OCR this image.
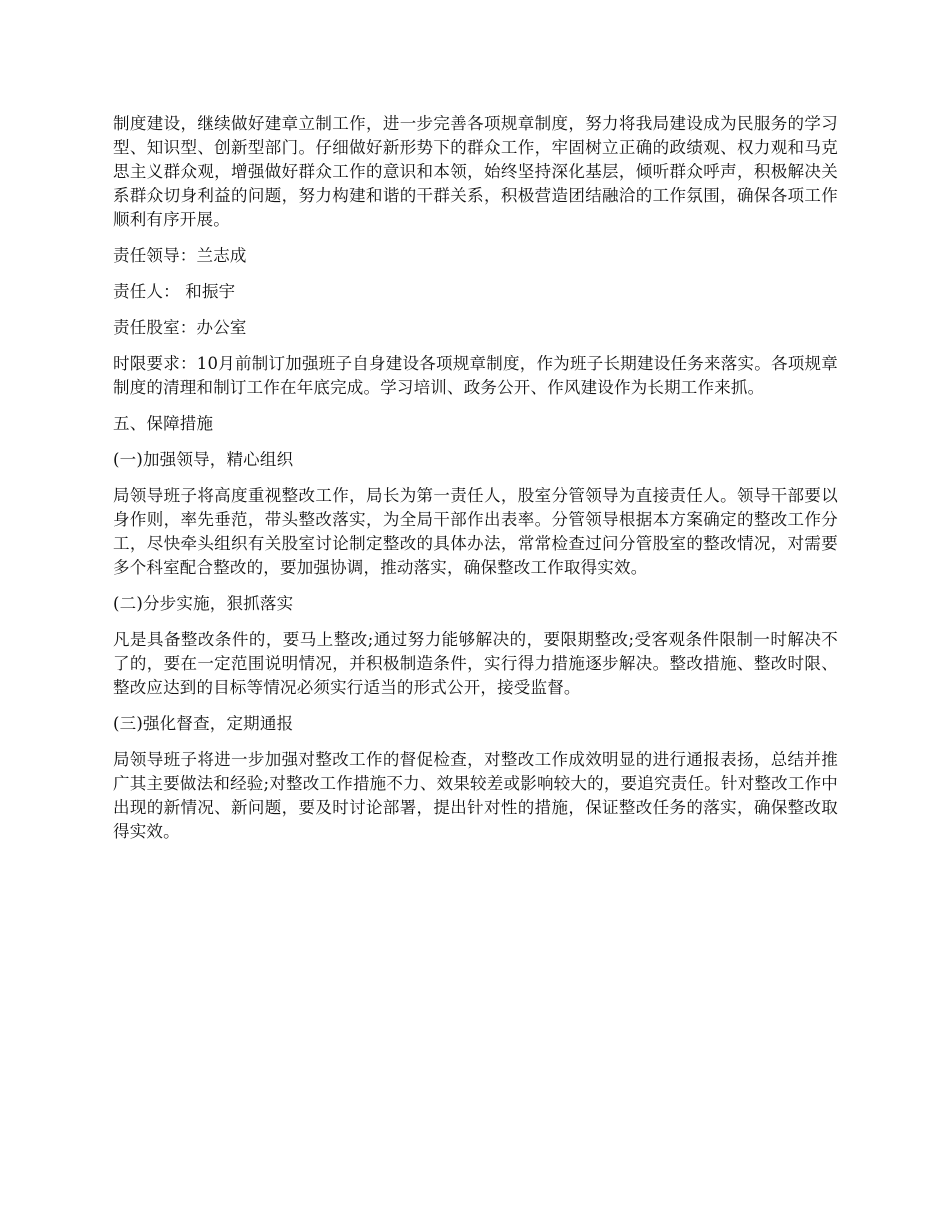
制度建设，继续做好建章立制工作，进一步完善各项规章制度，努力将我局建设成为民服务的学习型、知识型、创新型部门。仔细做好新形势下的群众工作，牢固树立正确的政绩观、权力观和马克思主义群众观，增强做好群众工作的意识和本领，始终坚持深化基层，倾听群众呼声，积极解决关系群众切身利益的问题，努力构建和谐的干群关系，积极营造团结融洽的工作氛围，确保各项工作顺利有序开展。

责任领导：兰志成

责任人： 和振宇

责任股室：办公室

时限要求：10月前制订加强班子自身建设各项规章制度，作为班子长期建设任务来落实。各项规章制度的清理和制订工作在年底完成。学习培训、政务公开、作风建设作为长期工作来抓。

五、保障措施

(一)加强领导，精心组织

局领导班子将高度重视整改工作，局长为第一责任人，股室分管领导为直接责任人。领导干部要以身作则，率先垂范，带头整改落实，为全局干部作出表率。分管领导根据本方案确定的整改工作分工，尽快牵头组织有关股室讨论制定整改的具体办法，常常检查过问分管股室的整改情况，对需要多个科室配合整改的，要加强协调，推动落实，确保整改工作取得实效。

(二)分步实施，狠抓落实

凡是具备整改条件的，要马上整改;通过努力能够解决的，要限期整改;受客观条件限制一时解决不了的，要在一定范围说明情况，并积极制造条件，实行得力措施逐步解决。整改措施、整改时限、整改应达到的目标等情况必须实行适当的形式公开，接受监督。

(三)强化督查，定期通报

局领导班子将进一步加强对整改工作的督促检查，对整改工作成效明显的进行通报表扬，总结并推广其主要做法和经验;对整改工作措施不力、效果较差或影响较大的，要追究责任。针对整改工作中出现的新情况、新问题，要及时讨论部署，提出针对性的措施，保证整改任务的落实，确保整改取得实效。
